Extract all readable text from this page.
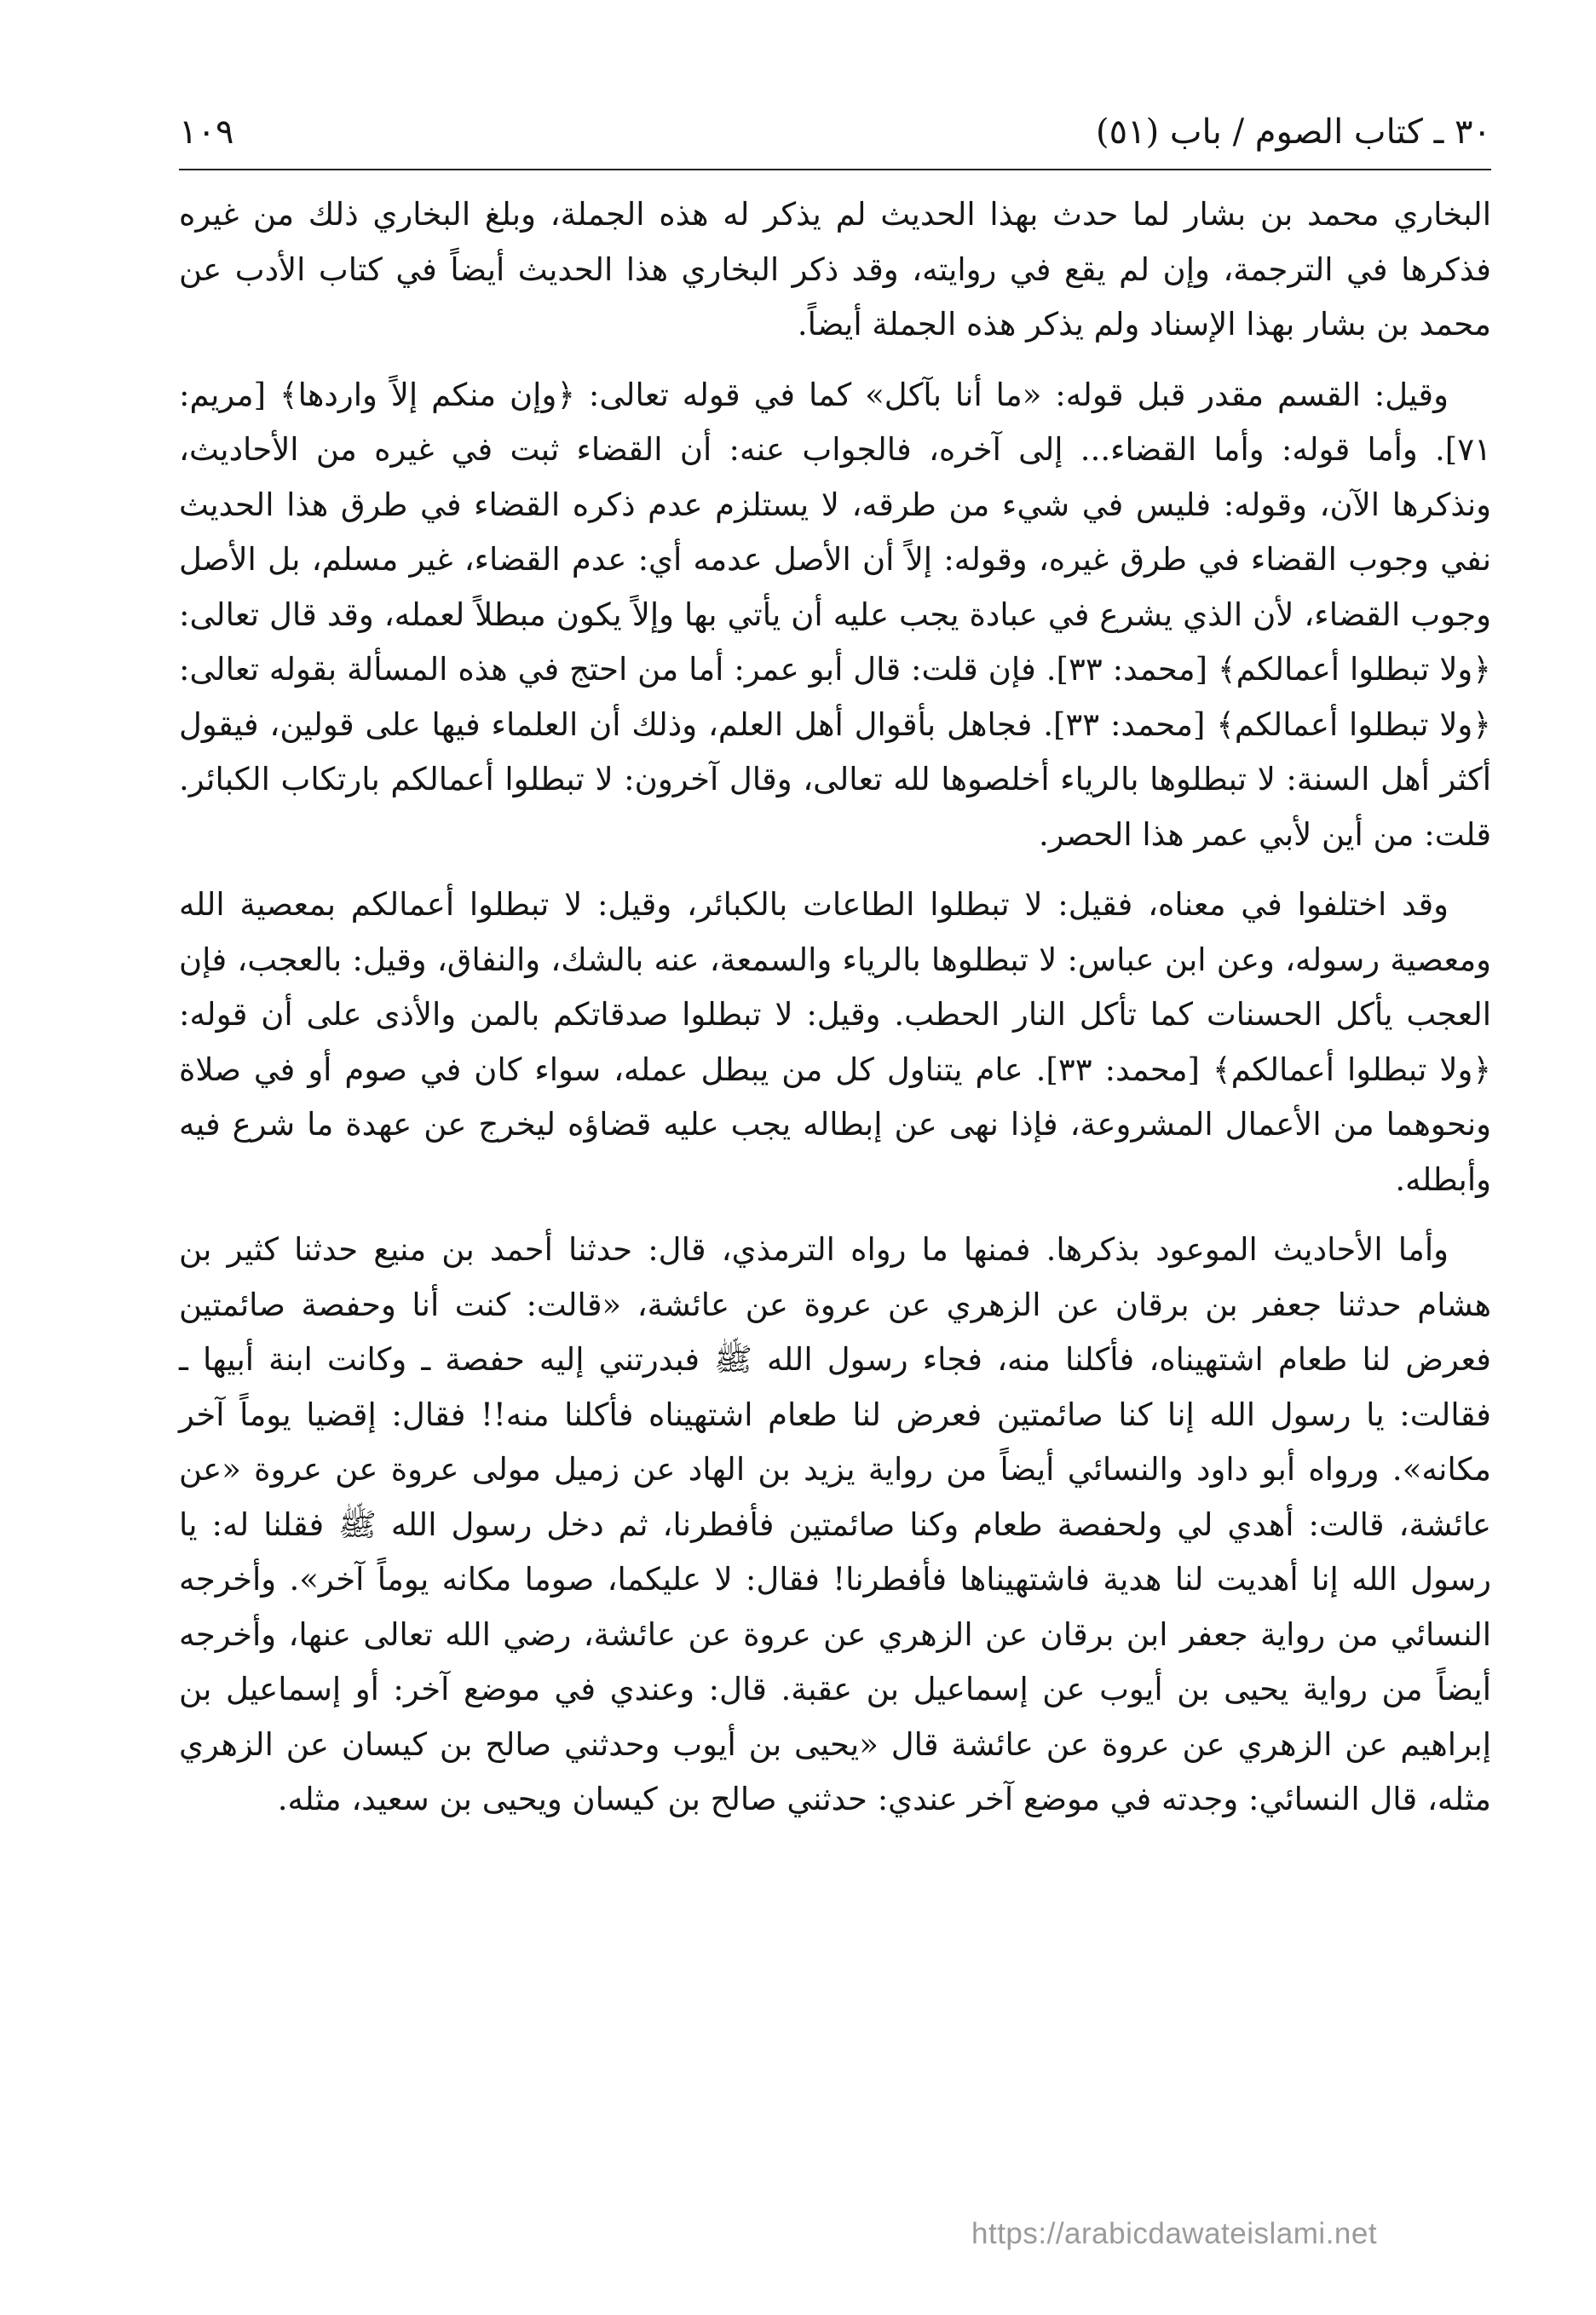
٣٠ ـ كتاب الصوم / باب (٥١)
١٠٩

البخاري محمد بن بشار لما حدث بهذا الحديث لم يذكر له هذه الجملة، وبلغ البخاري ذلك من غيره فذكرها في الترجمة، وإن لم يقع في روايته، وقد ذكر البخاري هذا الحديث أيضاً في كتاب الأدب عن محمد بن بشار بهذا الإسناد ولم يذكر هذه الجملة أيضاً.

وقيل: القسم مقدر قبل قوله: «ما أنا بآكل» كما في قوله تعالى: ﴿وإن منكم إلاً واردها﴾ [مريم: ٧١]. وأما قوله: وأما القضاء... إلى آخره، فالجواب عنه: أن القضاء ثبت في غيره من الأحاديث، ونذكرها الآن، وقوله: فليس في شيء من طرقه، لا يستلزم عدم ذكره القضاء في طرق هذا الحديث نفي وجوب القضاء في طرق غيره، وقوله: إلاً أن الأصل عدمه أي: عدم القضاء، غير مسلم، بل الأصل وجوب القضاء، لأن الذي يشرع في عبادة يجب عليه أن يأتي بها وإلاً يكون مبطلاً لعمله، وقد قال تعالى: ﴿ولا تبطلوا أعمالكم﴾ [محمد: ٣٣]. فإن قلت: قال أبو عمر: أما من احتج في هذه المسألة بقوله تعالى: ﴿ولا تبطلوا أعمالكم﴾ [محمد: ٣٣]. فجاهل بأقوال أهل العلم، وذلك أن العلماء فيها على قولين، فيقول أكثر أهل السنة: لا تبطلوها بالرياء أخلصوها لله تعالى، وقال آخرون: لا تبطلوا أعمالكم بارتكاب الكبائر. قلت: من أين لأبي عمر هذا الحصر.

وقد اختلفوا في معناه، فقيل: لا تبطلوا الطاعات بالكبائر، وقيل: لا تبطلوا أعمالكم بمعصية الله ومعصية رسوله، وعن ابن عباس: لا تبطلوها بالرياء والسمعة، عنه بالشك، والنفاق، وقيل: بالعجب، فإن العجب يأكل الحسنات كما تأكل النار الحطب. وقيل: لا تبطلوا صدقاتكم بالمن والأذى على أن قوله: ﴿ولا تبطلوا أعمالكم﴾ [محمد: ٣٣]. عام يتناول كل من يبطل عمله، سواء كان في صوم أو في صلاة ونحوهما من الأعمال المشروعة، فإذا نهى عن إبطاله يجب عليه قضاؤه ليخرج عن عهدة ما شرع فيه وأبطله.

وأما الأحاديث الموعود بذكرها. فمنها ما رواه الترمذي، قال: حدثنا أحمد بن منيع حدثنا كثير بن هشام حدثنا جعفر بن برقان عن الزهري عن عروة عن عائشة، «قالت: كنت أنا وحفصة صائمتين فعرض لنا طعام اشتهيناه، فأكلنا منه، فجاء رسول الله ﷺ فبدرتني إليه حفصة ـ وكانت ابنة أبيها ـ فقالت: يا رسول الله إنا كنا صائمتين فعرض لنا طعام اشتهيناه فأكلنا منه!! فقال: إقضيا يوماً آخر مكانه». ورواه أبو داود والنسائي أيضاً من رواية يزيد بن الهاد عن زميل مولى عروة عن عروة «عن عائشة، قالت: أهدي لي ولحفصة طعام وكنا صائمتين فأفطرنا، ثم دخل رسول الله ﷺ فقلنا له: يا رسول الله إنا أهديت لنا هدية فاشتهيناها فأفطرنا! فقال: لا عليكما، صوما مكانه يوماً آخر». وأخرجه النسائي من رواية جعفر ابن برقان عن الزهري عن عروة عن عائشة، رضي الله تعالى عنها، وأخرجه أيضاً من رواية يحيى بن أيوب عن إسماعيل بن عقبة. قال: وعندي في موضع آخر: أو إسماعيل بن إبراهيم عن الزهري عن عروة عن عائشة قال «يحيى بن أيوب وحدثني صالح بن كيسان عن الزهري مثله، قال النسائي: وجدته في موضع آخر عندي: حدثني صالح بن كيسان ويحيى بن سعيد، مثله.

https://arabicdawateislami.net
